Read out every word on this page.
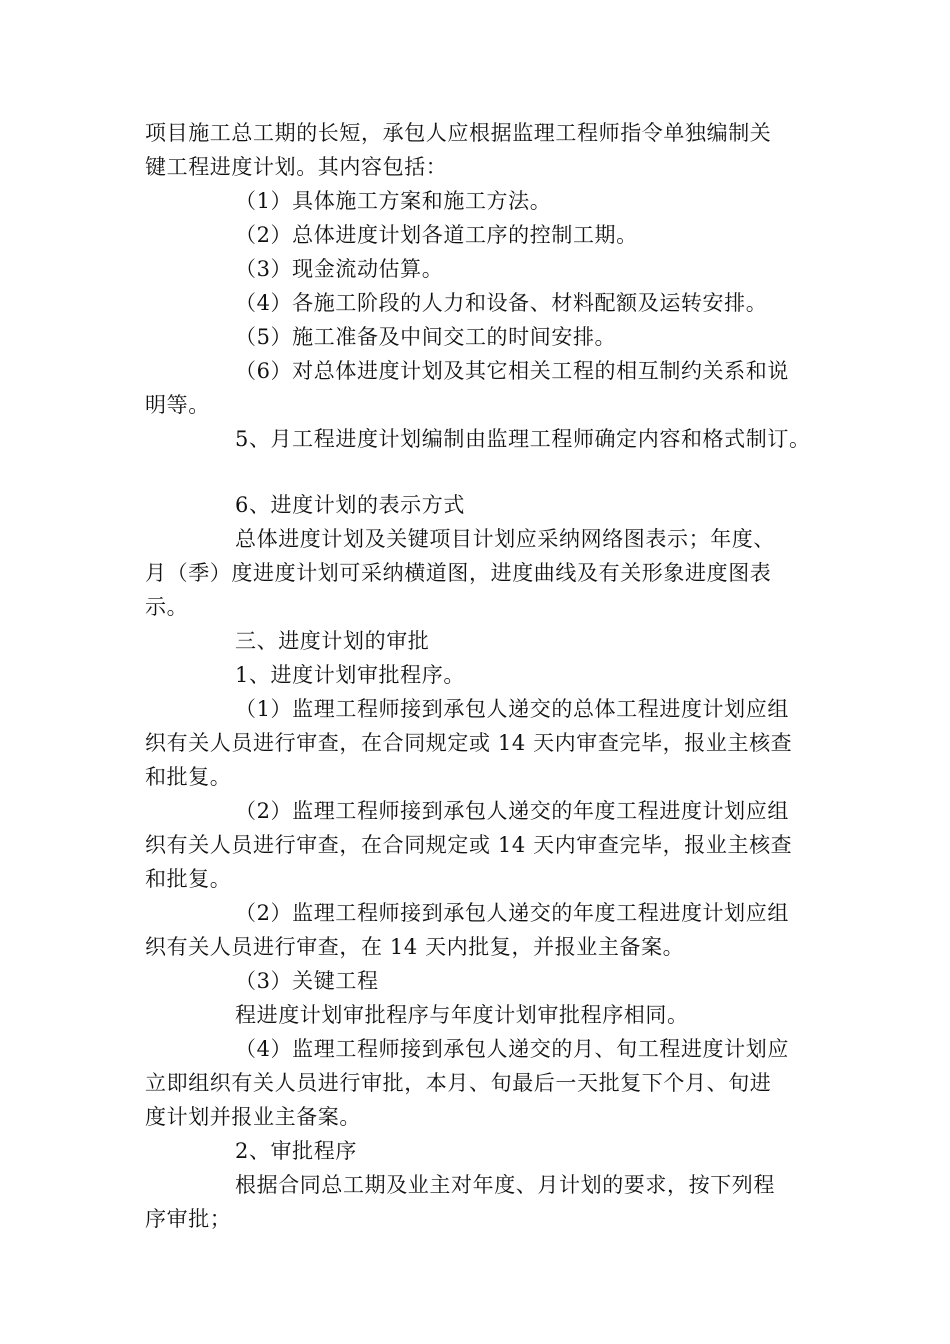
项目施工总工期的长短，承包人应根据监理工程师指令单独编制关
键工程进度计划。其内容包括：
（1）具体施工方案和施工方法。
（2）总体进度计划各道工序的控制工期。
（3）现金流动估算。
（4）各施工阶段的人力和设备、材料配额及运转安排。
（5）施工准备及中间交工的时间安排。
（6）对总体进度计划及其它相关工程的相互制约关系和说
明等。
5、月工程进度计划编制由监理工程师确定内容和格式制订。
6、进度计划的表示方式
总体进度计划及关键项目计划应采纳网络图表示；年度、
月（季）度进度计划可采纳横道图，进度曲线及有关形象进度图表
示。
三、进度计划的审批
1、进度计划审批程序。
（1）监理工程师接到承包人递交的总体工程进度计划应组
织有关人员进行审查，在合同规定或 14 天内审查完毕，报业主核查
和批复。
（2）监理工程师接到承包人递交的年度工程进度计划应组
织有关人员进行审查，在合同规定或 14 天内审查完毕，报业主核查
和批复。
（2）监理工程师接到承包人递交的年度工程进度计划应组
织有关人员进行审查，在 14 天内批复，并报业主备案。
（3）关键工程
程进度计划审批程序与年度计划审批程序相同。
（4）监理工程师接到承包人递交的月、旬工程进度计划应
立即组织有关人员进行审批，本月、旬最后一天批复下个月、旬进
度计划并报业主备案。
2、审批程序
根据合同总工期及业主对年度、月计划的要求，按下列程
序审批；
